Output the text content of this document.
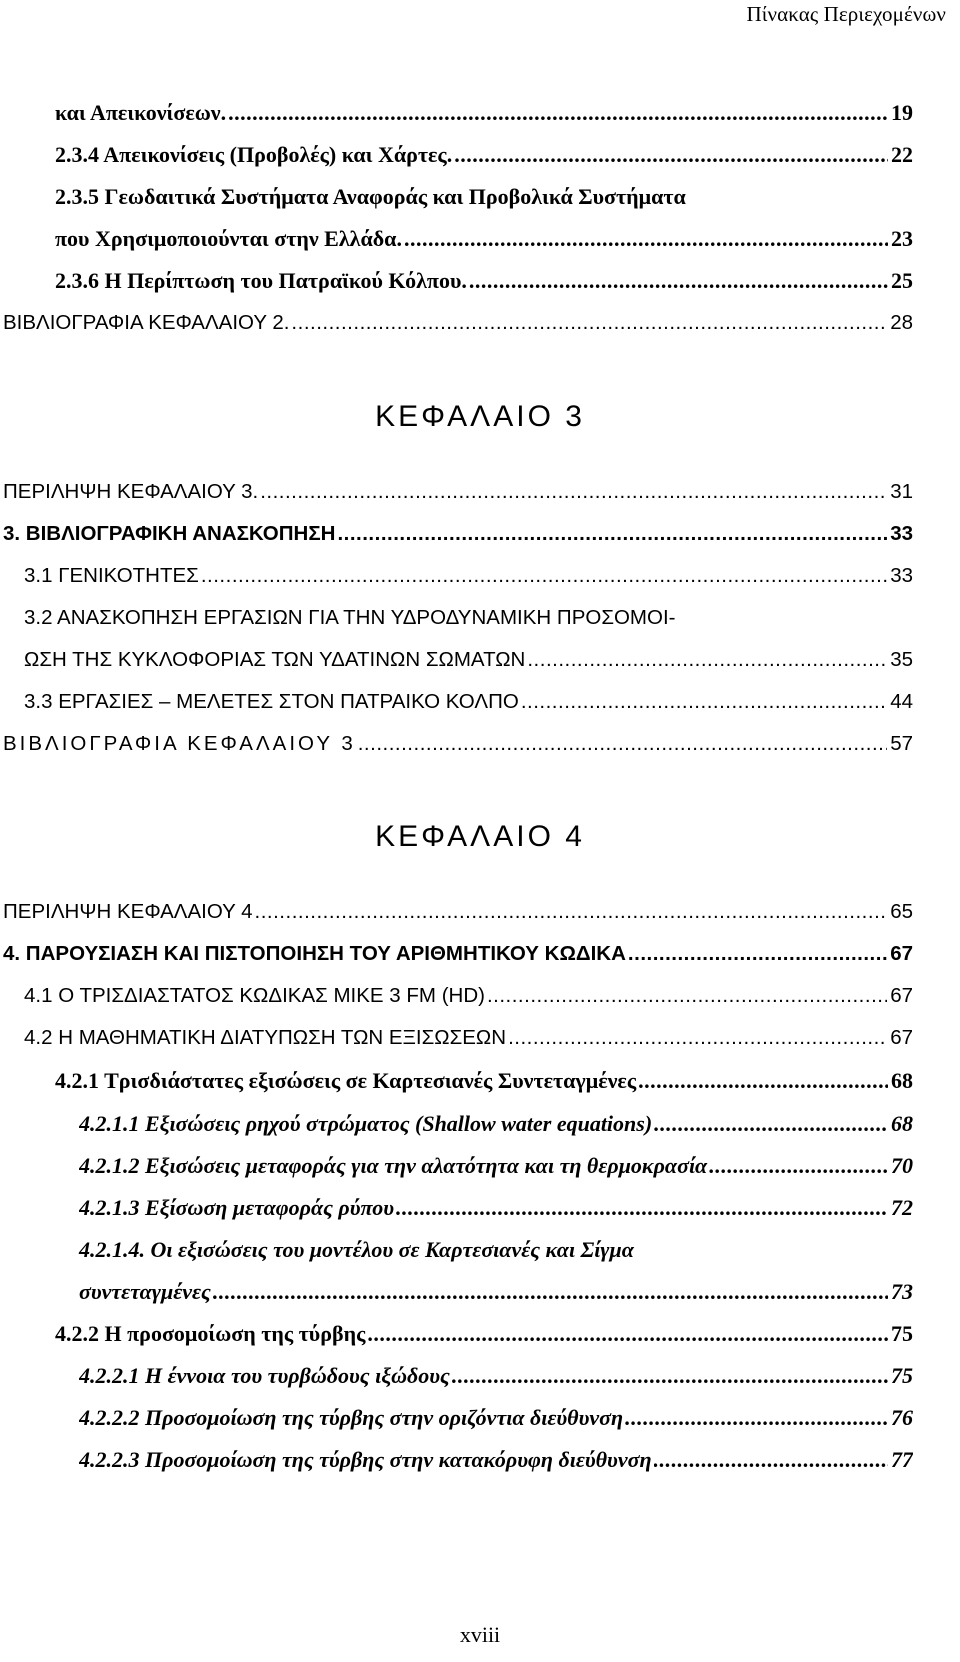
Πίνακας Περιεχομένων
και Απεικονίσεων. .....	19
2.3.4 Απεικονίσεις (Προβολές) και Χάρτες. .....	22
2.3.5 Γεωδαιτικά Συστήματα Αναφοράς και Προβολικά Συστήματα
που Χρησιμοποιούνται στην Ελλάδα. .....	23
2.3.6 Η Περίπτωση του Πατραϊκού Κόλπου. .....	25
ΒΙΒΛΙΟΓΡΑΦΙΑ ΚΕΦΑΛΑΙΟΥ 2. .....	28
ΚΕΦΑΛΑΙΟ 3
ΠΕΡΙΛΗΨΗ ΚΕΦΑΛΑΙΟΥ 3. .....	31
3. ΒΙΒΛΙΟΓΡΑΦΙΚΗ ΑΝΑΣΚΟΠΗΣΗ .....	33
3.1 ΓΕΝΙΚΟΤΗΤΕΣ .....	33
3.2 ΑΝΑΣΚΟΠΗΣΗ ΕΡΓΑΣΙΩΝ ΓΙΑ ΤΗΝ ΥΔΡΟΔΥΝΑΜΙΚΗ ΠΡΟΣΟΜΟΙ-
ΩΣΗ ΤΗΣ ΚΥΚΛΟΦΟΡΙΑΣ ΤΩΝ ΥΔΑΤΙΝΩΝ ΣΩΜΑΤΩΝ .....	35
3.3 ΕΡΓΑΣΙΕΣ – ΜΕΛΕΤΕΣ ΣΤΟΝ ΠΑΤΡΑΙΚΟ ΚΟΛΠΟ .....	44
ΒΙΒΛΙΟΓΡΑΦΙΑ ΚΕΦΑΛΑΙΟΥ 3 .....	57
ΚΕΦΑΛΑΙΟ 4
ΠΕΡΙΛΗΨΗ ΚΕΦΑΛΑΙΟΥ 4 .....	65
4. ΠΑΡΟΥΣΙΑΣΗ ΚΑΙ ΠΙΣΤΟΠΟΙΗΣΗ ΤΟΥ ΑΡΙΘΜΗΤΙΚΟΥ ΚΩΔΙΚΑ .....	67
4.1 Ο ΤΡΙΣΔΙΑΣΤΑΤΟΣ ΚΩΔΙΚΑΣ MIKE 3 FM (HD) .....	67
4.2 Η ΜΑΘΗΜΑΤΙΚΗ ΔΙΑΤΥΠΩΣΗ ΤΩΝ ΕΞΙΣΩΣΕΩΝ .....	67
4.2.1 Τρισδιάστατες εξισώσεις σε Καρτεσιανές Συντεταγμένες .....	68
4.2.1.1 Εξισώσεις ρηχού στρώματος (Shallow water equations) .....	68
4.2.1.2 Εξισώσεις μεταφοράς για την αλατότητα και τη θερμοκρασία .....	70
4.2.1.3 Εξίσωση μεταφοράς ρύπου .....	72
4.2.1.4. Οι εξισώσεις του μοντέλου σε Καρτεσιανές και Σίγμα
συντεταγμένες .....	73
4.2.2 Η προσομοίωση της τύρβης .....	75
4.2.2.1 Η έννοια του τυρβώδους ιξώδους .....	75
4.2.2.2 Προσομοίωση της τύρβης στην οριζόντια διεύθυνση .....	76
4.2.2.3 Προσομοίωση της τύρβης στην κατακόρυφη διεύθυνση .....	77
xviii
